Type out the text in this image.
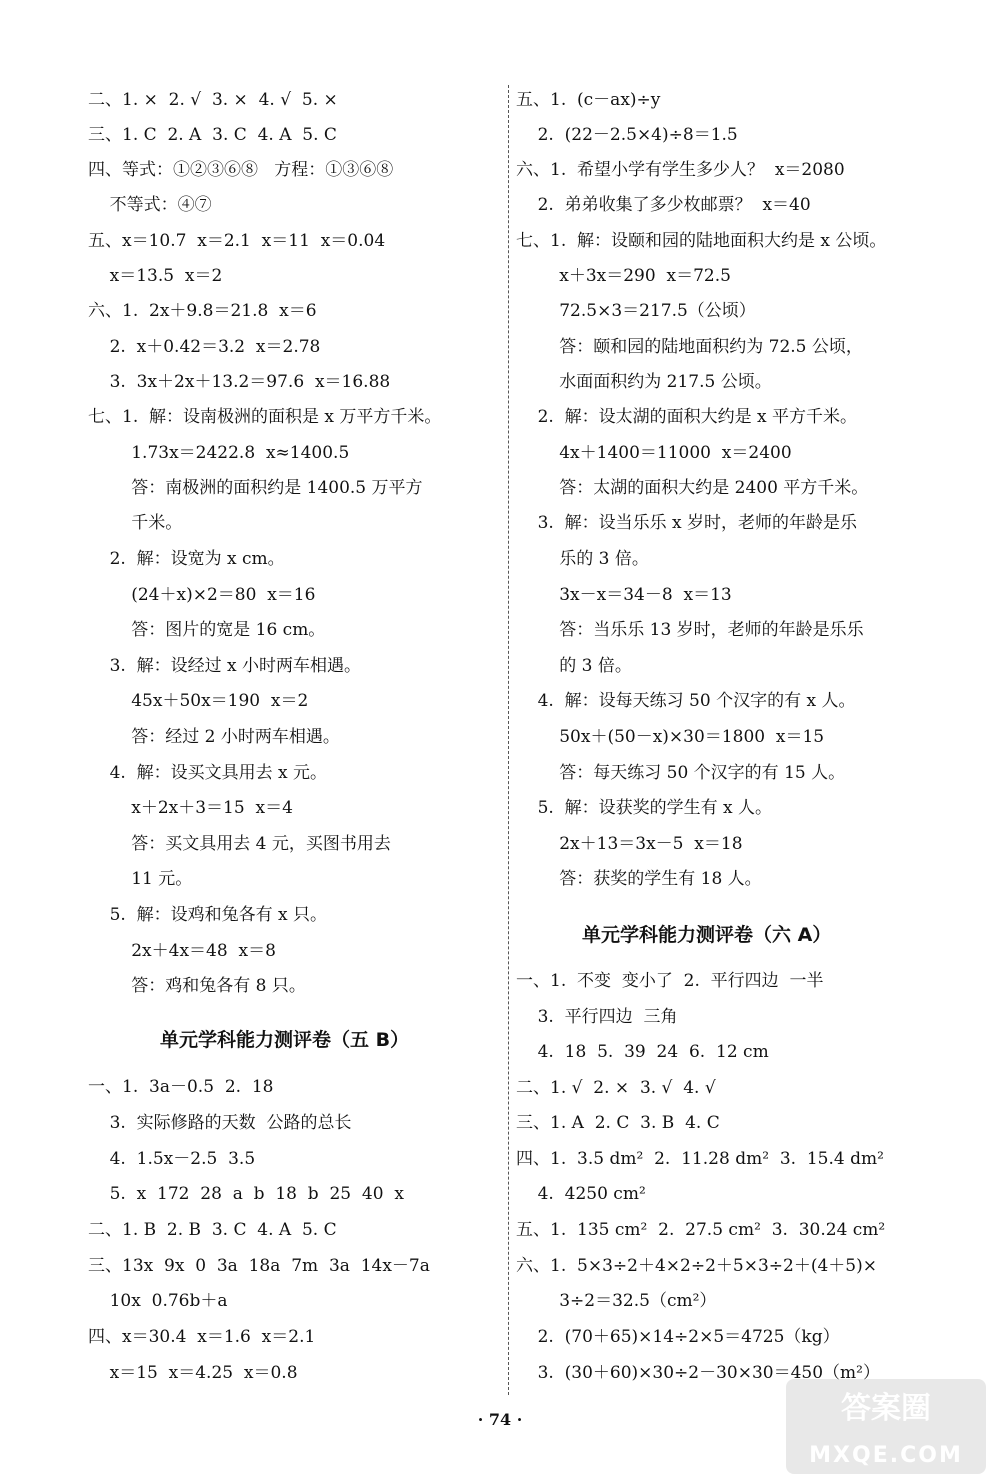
二、1. ×  2. √  3. ×  4. √  5. ×
三、1. C  2. A  3. C  4. A  5. C
四、等式：①②③⑥⑧   方程：①③⑥⑧
不等式：④⑦
五、x＝10.7  x＝2.1  x＝11  x＝0.04
x＝13.5  x＝2
六、1.  2x＋9.8＝21.8  x＝6
2.  x＋0.42＝3.2  x＝2.78
3.  3x＋2x＋13.2＝97.6  x＝16.88
七、1.  解：设南极洲的面积是 x 万平方千米。
1.73x＝2422.8  x≈1400.5
答：南极洲的面积约是 1400.5 万平方
千米。
2.  解：设宽为 x cm。
(24＋x)×2＝80  x＝16
答：图片的宽是 16 cm。
3.  解：设经过 x 小时两车相遇。
45x＋50x＝190  x＝2
答：经过 2 小时两车相遇。
4.  解：设买文具用去 x 元。
x＋2x＋3＝15  x＝4
答：买文具用去 4 元，买图书用去
11 元。
5.  解：设鸡和兔各有 x 只。
2x＋4x＝48  x＝8
答：鸡和兔各有 8 只。
单元学科能力测评卷（五 B）
一、1.  3a－0.5  2.  18
3.  实际修路的天数  公路的总长
4.  1.5x－2.5  3.5
5.  x  172  28  a  b  18  b  25  40  x
二、1. B  2. B  3. C  4. A  5. C
三、13x  9x  0  3a  18a  7m  3a  14x－7a
10x  0.76b＋a
四、x＝30.4  x＝1.6  x＝2.1
x＝15  x＝4.25  x＝0.8
五、1.  (c－ax)÷y
2.  (22－2.5×4)÷8＝1.5
六、1.  希望小学有学生多少人？  x＝2080
2.  弟弟收集了多少枚邮票？  x＝40
七、1.  解：设颐和园的陆地面积大约是 x 公顷。
x＋3x＝290  x＝72.5
72.5×3＝217.5（公顷）
答：颐和园的陆地面积约为 72.5 公顷，
水面面积约为 217.5 公顷。
2.  解：设太湖的面积大约是 x 平方千米。
4x＋1400＝11000  x＝2400
答：太湖的面积大约是 2400 平方千米。
3.  解：设当乐乐 x 岁时，老师的年龄是乐
乐的 3 倍。
3x－x＝34－8  x＝13
答：当乐乐 13 岁时，老师的年龄是乐乐
的 3 倍。
4.  解：设每天练习 50 个汉字的有 x 人。
50x＋(50－x)×30＝1800  x＝15
答：每天练习 50 个汉字的有 15 人。
5.  解：设获奖的学生有 x 人。
2x＋13＝3x－5  x＝18
答：获奖的学生有 18 人。
单元学科能力测评卷（六 A）
一、1.  不变  变小了  2.  平行四边  一半
3.  平行四边  三角
4.  18  5.  39  24  6.  12 cm
二、1. √  2. ×  3. √  4. √
三、1. A  2. C  3. B  4. C
四、1.  3.5 dm²  2.  11.28 dm²  3.  15.4 dm²
4.  4250 cm²
五、1.  135 cm²  2.  27.5 cm²  3.  30.24 cm²
六、1.  5×3÷2＋4×2÷2＋5×3÷2＋(4＋5)×
3÷2＝32.5（cm²）
2.  (70＋65)×14÷2×5＝4725（kg）
3.  (30＋60)×30÷2－30×30＝450（m²）
· 74 ·	答案圈
MXQE.COM
